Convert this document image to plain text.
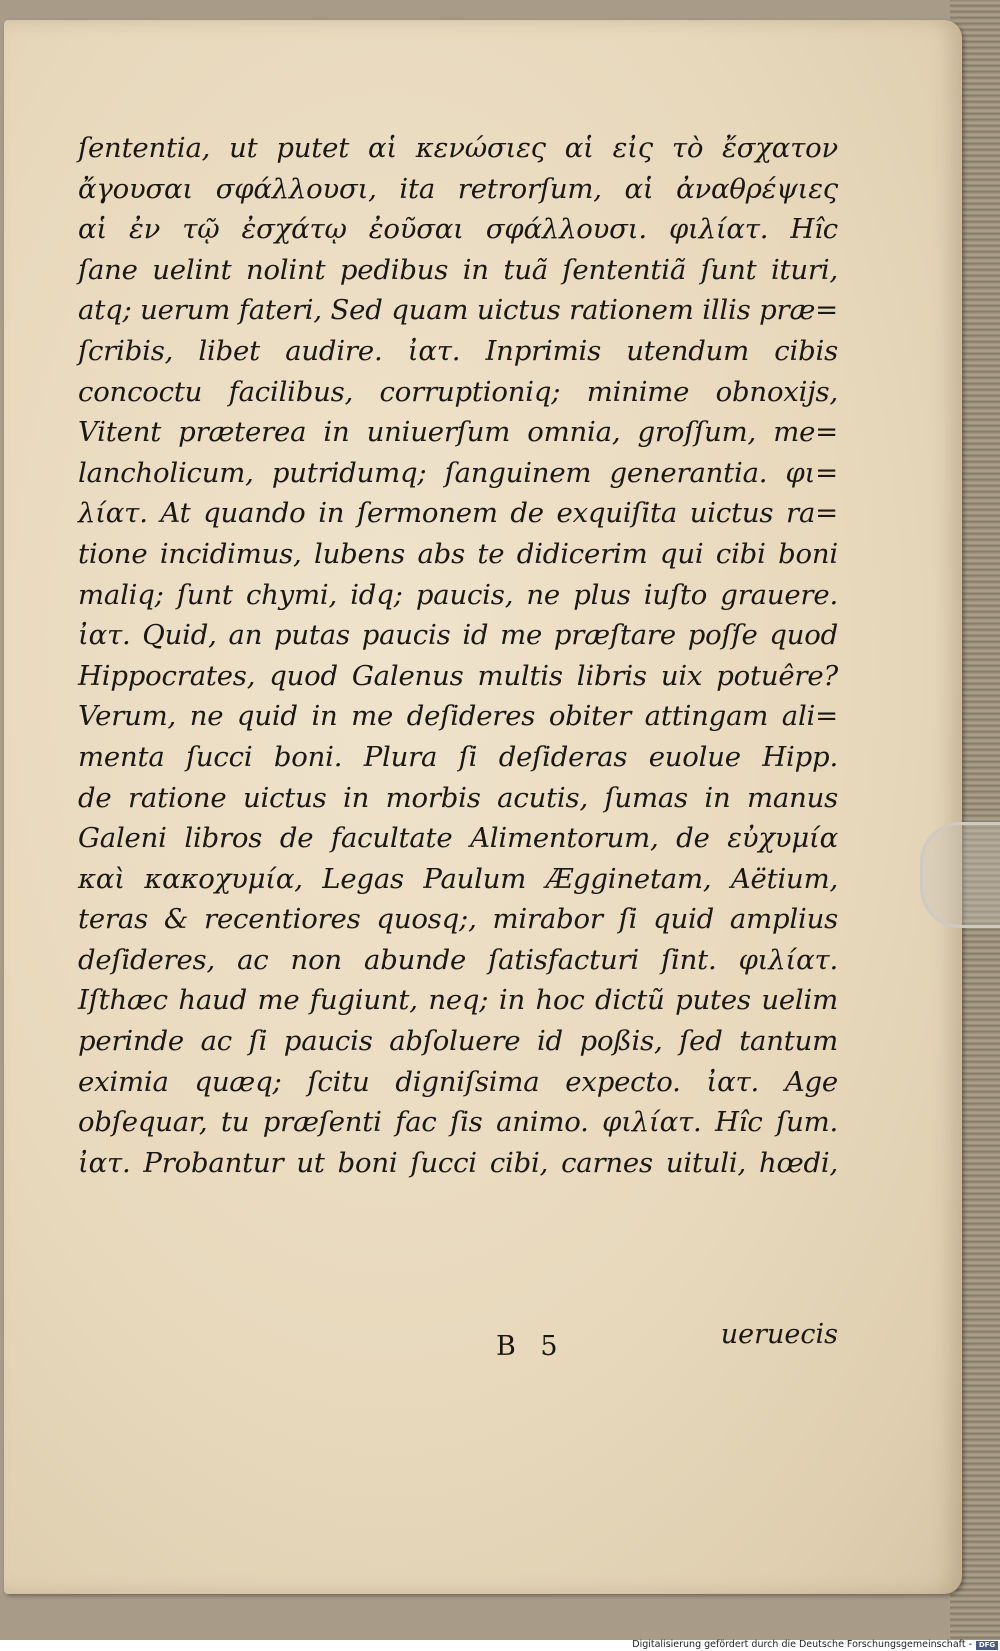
ſententia, ut putet αἱ κενώσιες αἱ εἰς τὸ ἔσχατον
ἄγουσαι σφάλλουσι, ita retrorſum, αἱ ἀναθρέψιες
αἱ ἐν τῷ ἐσχάτῳ ἐοῦσαι σφάλλουσι. φιλίατ. Hîc
ſane uelint nolint pedibus in tuã ſententiã ſunt ituri,
atq; uerum fateri, Sed quam uictus rationem illis præ=
ſcribis, libet audire. ἰατ. Inprimis utendum cibis
concoctu facilibus, corruptioniq; minime obnoxijs,
Vitent præterea in uniuerſum omnia, groſſum, me=
lancholicum, putridumq; ſanguinem generantia. φι=
λίατ. At quando in ſermonem de exquiſita uictus ra=
tione incidimus, lubens abs te didicerim qui cibi boni
maliq; ſunt chymi, idq; paucis, ne plus iuſto grauere.
ἰατ. Quid, an putas paucis id me præſtare poſſe quod
Hippocrates, quod Galenus multis libris uix potuêre?
Verum, ne quid in me deſideres obiter attingam ali=
menta ſucci boni. Plura ſi deſideras euolue Hipp.
de ratione uictus in morbis acutis, ſumas in manus
Galeni libros de facultate Alimentorum, de εὐχυμία
καὶ κακοχυμία, Legas Paulum Ægginetam, Aëtium,
teras & recentiores quosq;, mirabor ſi quid amplius
deſideres, ac non abunde ſatisfacturi ſint. φιλίατ.
Iſthæc haud me fugiunt, neq; in hoc dictũ putes uelim
perinde ac ſi paucis abſoluere id poßis, ſed tantum
eximia quæq; ſcitu digniſsima expecto. ἰατ. Age
obſequar, tu præſenti fac ſis animo. φιλίατ. Hîc ſum.
ἰατ. Probantur ut boni ſucci cibi, carnes uituli, hœdi,
B 5	ueruecis
Digitalisierung gefördert durch die Deutsche Forschungsgemeinschaft - DFG
